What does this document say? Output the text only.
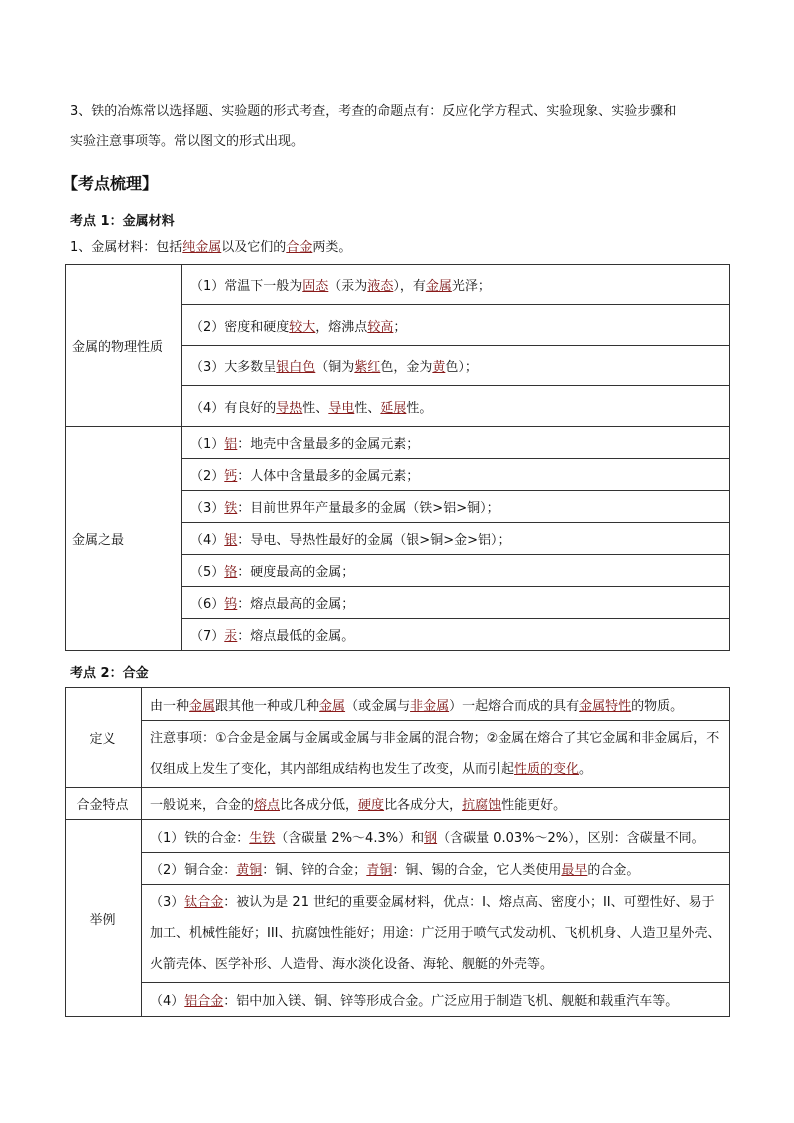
3、铁的冶炼常以选择题、实验题的形式考查，考查的命题点有：反应化学方程式、实验现象、实验步骤和
实验注意事项等。常以图文的形式出现。
【考点梳理】
考点 1：金属材料
1、金属材料：包括纯金属以及它们的合金两类。
金属的物理性质	（1）常温下一般为固态（汞为液态），有金属光泽；
	（2）密度和硬度较大，熔沸点较高；
	（3）大多数呈银白色（铜为紫红色，金为黄色）；
	（4）有良好的导热性、导电性、延展性。
金属之最	（1）铝：地壳中含量最多的金属元素；
	（2）钙：人体中含量最多的金属元素；
	（3）铁：目前世界年产量最多的金属（铁>铝>铜）；
	（4）银：导电、导热性最好的金属（银>铜>金>铝）；
	（5）铬：硬度最高的金属；
	（6）钨：熔点最高的金属；
	（7）汞：熔点最低的金属。
考点 2：合金
定义	由一种金属跟其他一种或几种金属（或金属与非金属）一起熔合而成的具有金属特性的物质。
	注意事项：①合金是金属与金属或金属与非金属的混合物；②金属在熔合了其它金属和非金属后，不仅组成上发生了变化，其内部组成结构也发生了改变，从而引起性质的变化。
合金特点	一般说来，合金的熔点比各成分低，硬度比各成分大，抗腐蚀性能更好。
举例	（1）铁的合金：生铁（含碳量 2%～4.3%）和钢（含碳量 0.03%～2%），区别：含碳量不同。
	（2）铜合金：黄铜：铜、锌的合金；青铜：铜、锡的合金，它人类使用最早的合金。
	（3）钛合金：被认为是 21 世纪的重要金属材料，优点：I、熔点高、密度小；II、可塑性好、易于加工、机械性能好；III、抗腐蚀性能好；用途：广泛用于喷气式发动机、飞机机身、人造卫星外壳、火箭壳体、医学补形、人造骨、海水淡化设备、海轮、舰艇的外壳等。
	（4）铝合金：铝中加入镁、铜、锌等形成合金。广泛应用于制造飞机、舰艇和载重汽车等。
